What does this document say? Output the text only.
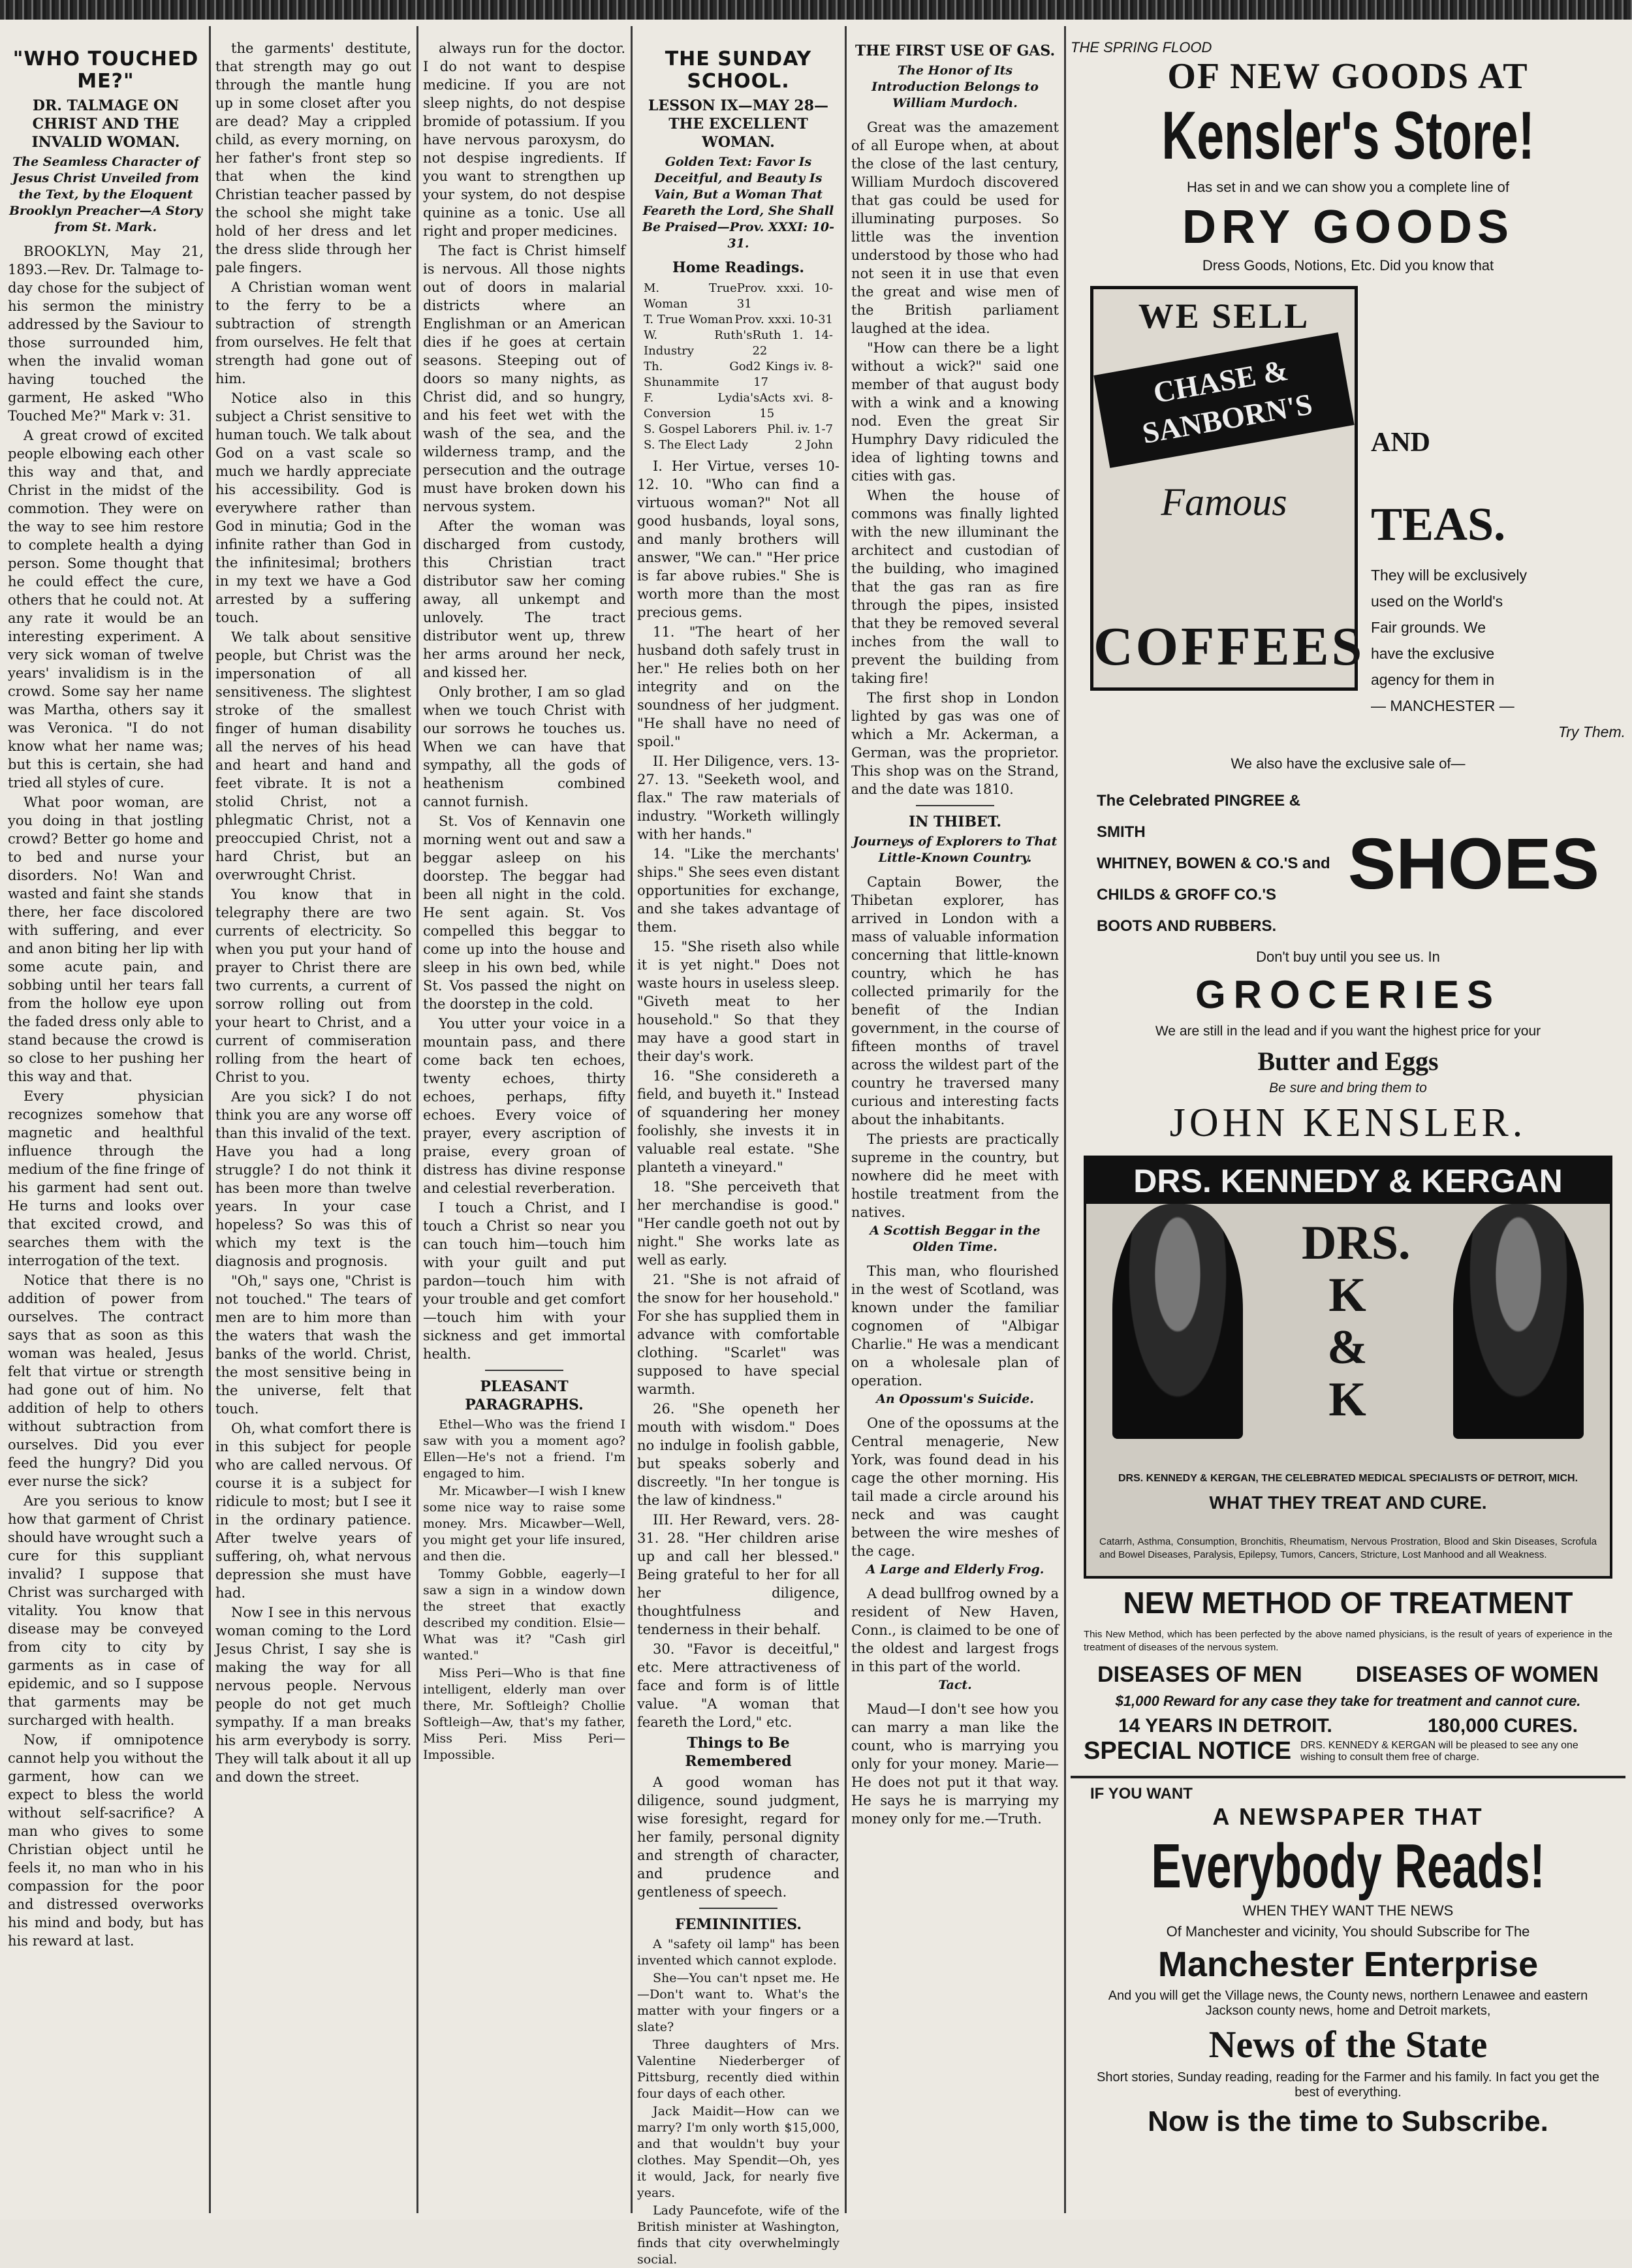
"WHO TOUCHED ME?"
DR. TALMAGE ON CHRIST AND THE INVALID WOMAN.
The Seamless Character of Jesus Christ Unveiled from the Text, by the Eloquent Brooklyn Preacher—A Story from St. Mark.

BROOKLYN, May 21, 1893.—Rev. Dr. Talmage to-day chose for the subject of his sermon the ministry addressed by the Saviour to those surrounded him, when the invalid woman having touched the garment, He asked "Who Touched Me?" Mark v: 31.

A great crowd of excited people elbowing each other this way and that, and Christ in the midst of the commotion. They were on the way to see him restore to complete health a dying person. Some thought that he could effect the cure, others that he could not. At any rate it would be an interesting experiment. A very sick woman of twelve years' invalidism is in the crowd. Some say her name was Martha, others say it was Veronica. "I do not know what her name was; but this is certain, she had tried all styles of cure.

What poor woman, are you doing in that jostling crowd? Better go home and to bed and nurse your disorders. No! Wan and wasted and faint she stands there, her face discolored with suffering, and ever and anon biting her lip with some acute pain, and sobbing until her tears fall from the hollow eye upon the faded dress only able to stand because the crowd is so close to her pushing her this way and that.

Every physician recognizes somehow that magnetic and healthful influence through the medium of the fine fringe of his garment had sent out. He turns and looks over that excited crowd, and searches them with the interrogation of the text.

Notice that there is no addition of power from ourselves. The contract says that as soon as this woman was healed, Jesus felt that virtue or strength had gone out of him. No addition of help to others without subtraction from ourselves. Did you ever feed the hungry? Did you ever nurse the sick?

Are you serious to know how that garment of Christ should have wrought such a cure for this suppliant invalid? I suppose that Christ was surcharged with vitality. You know that disease may be conveyed from city to city by garments as in case of epidemic, and so I suppose that garments may be surcharged with health.

Now, if omnipotence cannot help you without the garment, how can we expect to bless the world without self-sacrifice? A man who gives to some Christian object until he feels it, no man who in his compassion for the poor and distressed overworks his mind and body, but has his reward at last.

the garments' destitute, that strength may go out through the mantle hung up in some closet after you are dead? May a crippled child, as every morning, on her father's front step so that when the kind Christian teacher passed by the school she might take hold of her dress and let the dress slide through her pale fingers.

A Christian woman went to the ferry to be a subtraction of strength from ourselves. He felt that strength had gone out of him.

Notice also in this subject a Christ sensitive to human touch. We talk about God on a vast scale so much we hardly appreciate his accessibility. God is everywhere rather than God in minutia; God in the infinite rather than God in the infinitesimal; brothers in my text we have a God arrested by a suffering touch.

We talk about sensitive people, but Christ was the impersonation of all sensitiveness. The slightest stroke of the smallest finger of human disability all the nerves of his head and heart and hand and feet vibrate. It is not a stolid Christ, not a phlegmatic Christ, not a preoccupied Christ, not a hard Christ, but an overwrought Christ.

You know that in telegraphy there are two currents of electricity. So when you put your hand of prayer to Christ there are two currents, a current of sorrow rolling out from your heart to Christ, and a current of commiseration rolling from the heart of Christ to you.

Are you sick? I do not think you are any worse off than this invalid of the text. Have you had a long struggle? I do not think it has been more than twelve years. In your case hopeless? So was this of which my text is the diagnosis and prognosis.

"Oh," says one, "Christ is not touched." The tears of men are to him more than the waters that wash the banks of the world. Christ, the most sensitive being in the universe, felt that touch.

Oh, what comfort there is in this subject for people who are called nervous. Of course it is a subject for ridicule to most; but I see it in the ordinary patience. After twelve years of suffering, oh, what nervous depression she must have had.

Now I see in this nervous woman coming to the Lord Jesus Christ, I say she is making the way for all nervous people. Nervous people do not get much sympathy. If a man breaks his arm everybody is sorry. They will talk about it all up and down the street.

always run for the doctor. I do not want to despise medicine. If you are not sleep nights, do not despise bromide of potassium. If you have nervous paroxysm, do not despise ingredients. If you want to strengthen up your system, do not despise quinine as a tonic. Use all right and proper medicines.

The fact is Christ himself is nervous. All those nights out of doors in malarial districts where an Englishman or an American dies if he goes at certain seasons. Steeping out of doors so many nights, as Christ did, and so hungry, and his feet wet with the wash of the sea, and the wilderness tramp, and the persecution and the outrage must have broken down his nervous system.

After the woman was discharged from custody, this Christian tract distributor saw her coming away, all unkempt and unlovely. The tract distributor went up, threw her arms around her neck, and kissed her.

Only brother, I am so glad when we touch Christ with our sorrows he touches us. When we can have that sympathy, all the gods of heathenism combined cannot furnish.

St. Vos of Kennavin one morning went out and saw a beggar asleep on his doorstep. The beggar had been all night in the cold. He sent again. St. Vos compelled this beggar to come up into the house and sleep in his own bed, while St. Vos passed the night on the doorstep in the cold.

You utter your voice in a mountain pass, and there come back ten echoes, twenty echoes, thirty echoes, perhaps, fifty echoes. Every voice of prayer, every ascription of praise, every groan of distress has divine response and celestial reverberation.

I touch a Christ, and I touch a Christ so near you can touch him—touch him with your guilt and put pardon—touch him with your trouble and get comfort—touch him with your sickness and get immortal health.

PLEASANT PARAGRAPHS.

Ethel—Who was the friend I saw with you a moment ago? Ellen—He's not a friend. I'm engaged to him.

Mr. Micawber—I wish I knew some nice way to raise some money. Mrs. Micawber—Well, you might get your life insured, and then die.

Tommy Gobble, eagerly—I saw a sign in a window down the street that exactly described my condition. Elsie—What was it? "Cash girl wanted."

Miss Peri—Who is that fine intelligent, elderly man over there, Mr. Softleigh? Chollie Softleigh—Aw, that's my father, Miss Peri. Miss Peri—Impossible.

THE SUNDAY SCHOOL.
LESSON IX—MAY 28—THE EXCELLENT WOMAN.
Golden Text: Favor Is Deceitful, and Beauty Is Vain, But a Woman That Feareth the Lord, She Shall Be Praised—Prov. XXXI: 10-31.
Home Readings.
M. True Woman
Prov. xxxi. 10-31
T. True Woman Prov. xxxi. 10-31
W. Ruth's Industry
Ruth 1. 14-22
Th. God Shunammite
2 Kings iv. 8-17
F. Lydia's Conversion
Acts xvi. 8-15
S. Gospel Laborers Phil. iv. 1-7
S. The Elect Lady	2 John

I. Her Virtue, verses 10-12. 10. "Who can find a virtuous woman?" Not all good husbands, loyal sons, and manly brothers will answer, "We can." "Her price is far above rubies." She is worth more than the most precious gems.

11. "The heart of her husband doth safely trust in her." He relies both on her integrity and on the soundness of her judgment. "He shall have no need of spoil."

II. Her Diligence, vers. 13-27. 13. "Seeketh wool, and flax." The raw materials of industry. "Worketh willingly with her hands."

14. "Like the merchants' ships." She sees even distant opportunities for exchange, and she takes advantage of them.

15. "She riseth also while it is yet night." Does not waste hours in useless sleep. "Giveth meat to her household." So that they may have a good start in their day's work.

16. "She considereth a field, and buyeth it." Instead of squandering her money foolishly, she invests it in valuable real estate. "She planteth a vineyard."

18. "She perceiveth that her merchandise is good." "Her candle goeth not out by night." She works late as well as early.

21. "She is not afraid of the snow for her household." For she has supplied them in advance with comfortable clothing. "Scarlet" was supposed to have special warmth.

26. "She openeth her mouth with wisdom." Does no indulge in foolish gabble, but speaks soberly and discreetly. "In her tongue is the law of kindness."

III. Her Reward, vers. 28-31. 28. "Her children arise up and call her blessed." Being grateful to her for all her diligence, thoughtfulness and tenderness in their behalf.

30. "Favor is deceitful," etc. Mere attractiveness of face and form is of little value. "A woman that feareth the Lord," etc.

Things to Be Remembered

A good woman has diligence, sound judgment, wise foresight, regard for her family, personal dignity and strength of character, and prudence and gentleness of speech.

FEMININITIES.

A "safety oil lamp" has been invented which cannot explode.

She—You can't npset me. He—Don't want to. What's the matter with your fingers or a slate?

Three daughters of Mrs. Valentine Niederberger of Pittsburg, recently died within four days of each other.

Jack Maidit—How can we marry? I'm only worth $15,000, and that wouldn't buy your clothes. May Spendit—Oh, yes it would, Jack, for nearly five years.

Lady Pauncefote, wife of the British minister at Washington, finds that city overwhelmingly social.

THE FIRST USE OF GAS.
The Honor of Its Introduction Belongs to William Murdoch.

Great was the amazement of all Europe when, at about the close of the last century, William Murdoch discovered that gas could be used for illuminating purposes. So little was the invention understood by those who had not seen it in use that even the great and wise men of the British parliament laughed at the idea.

"How can there be a light without a wick?" said one member of that august body with a wink and a knowing nod. Even the great Sir Humphry Davy ridiculed the idea of lighting towns and cities with gas.

When the house of commons was finally lighted with the new illuminant the architect and custodian of the building, who imagined that the gas ran as fire through the pipes, insisted that they be removed several inches from the wall to prevent the building from taking fire!

The first shop in London lighted by gas was one of which a Mr. Ackerman, a German, was the proprietor. This shop was on the Strand, and the date was 1810.

IN THIBET.
Journeys of Explorers to That Little-Known Country.

Captain Bower, the Thibetan explorer, has arrived in London with a mass of valuable information concerning that little-known country, which he has collected primarily for the benefit of the Indian government, in the course of fifteen months of travel across the wildest part of the country he traversed many curious and interesting facts about the inhabitants.

The priests are practically supreme in the country, but nowhere did he meet with hostile treatment from the natives.

A Scottish Beggar in the Olden Time.

This man, who flourished in the west of Scotland, was known under the familiar cognomen of "Albigar Charlie." He was a mendicant on a wholesale plan of operation.

An Opossum's Suicide.

One of the opossums at the Central menagerie, New York, was found dead in his cage the other morning. His tail made a circle around his neck and was caught between the wire meshes of the cage.

A Large and Elderly Frog.

A dead bullfrog owned by a resident of New Haven, Conn., is claimed to be one of the oldest and largest frogs in this part of the world.

Tact.

Maud—I don't see how you can marry a man like the count, who is marrying you only for your money. Marie—He does not put it that way. He says he is marrying my money only for me.—Truth.

THE SPRING FLOOD
OF NEW GOODS AT
Kensler's Store!
Has set in and we can show you a complete line of
DRY GOODS
Dress Goods, Notions, Etc. Did you know that
WE SELL
CHASE & SANBORN'S
Famous
COFFEES
AND
TEAS.
They will be exclusively
used on the World's
Fair grounds. We
have the exclusive
agency for them in
— MANCHESTER —
Try Them.
We also have the exclusive sale of—
The Celebrated PINGREE & SMITH
WHITNEY, BOWEN & CO.'S and
CHILDS & GROFF CO.'S
BOOTS AND RUBBERS.
SHOES
Don't buy until you see us. In
GROCERIES
We are still in the lead and if you want the highest price for your
Butter and Eggs
Be sure and bring them to
JOHN KENSLER.
DRS. KENNEDY & KERGAN
DRS. K & K
DRS. KENNEDY & KERGAN, THE CELEBRATED MEDICAL SPECIALISTS OF DETROIT, MICH.
WHAT THEY TREAT AND CURE.
Catarrh, Asthma, Consumption, Bronchitis, Rheumatism, Nervous Prostration, Blood and Skin Diseases, Scrofula and Bowel Diseases, Paralysis, Epilepsy, Tumors, Cancers, Stricture, Lost Manhood and all Weakness.
NEW METHOD OF TREATMENT
This New Method, which has been perfected by the above named physicians, is the result of years of experience in the treatment of diseases of the nervous system.
DISEASES OF MEN DISEASES OF WOMEN
$1,000 Reward for any case they take for treatment and cannot cure.
14 YEARS IN DETROIT.	180,000 CURES.
SPECIAL NOTICE DRS. KENNEDY & KERGAN will be pleased to see any one wishing to consult them free of charge.
IF YOU WANT
A NEWSPAPER THAT
Everybody Reads!
WHEN THEY WANT THE NEWS
Of Manchester and vicinity, You should Subscribe for The
Manchester Enterprise
And you will get the Village news, the County news, northern Lenawee and eastern Jackson county news, home and Detroit markets,
News of the State
Short stories, Sunday reading, reading for the Farmer and his family. In fact you get the best of everything.
Now is the time to Subscribe.
